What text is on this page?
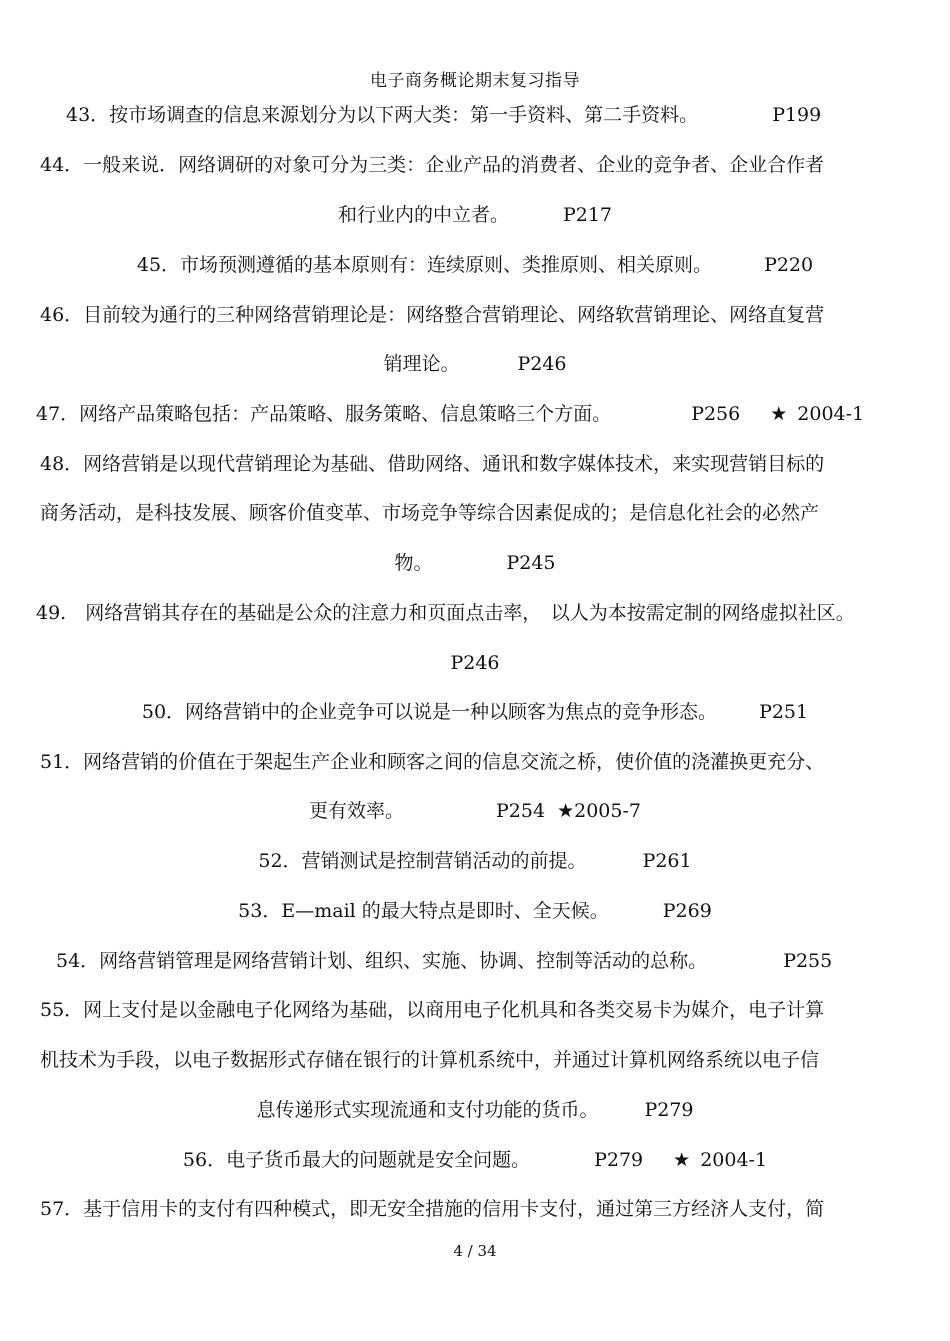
电子商务概论期末复习指导
43．按市场调查的信息来源划分为以下两大类：第一手资料、第二手资料。	P199
44．一般来说．网络调研的对象可分为三类：企业产品的消费者、企业的竞争者、企业合作者
和行业内的中立者。	P217
45．市场预测遵循的基本原则有：连续原则、类推原则、相关原则。	P220
46．目前较为通行的三种网络营销理论是：网络整合营销理论、网络软营销理论、网络直复营
销理论。	P246
47．网络产品策略包括：产品策略、服务策略、信息策略三个方面。	P256 ★ 2004-1
48．网络营销是以现代营销理论为基础、借助网络、通讯和数字媒体技术，来实现营销目标的
商务活动，是科技发展、顾客价值变革、市场竞争等综合因素促成的；是信息化社会的必然产
物。	P245
49.　网络营销其存在的基础是公众的注意力和页面点击率，　以人为本按需定制的网络虚拟社区。
P246
50．网络营销中的企业竞争可以说是一种以顾客为焦点的竞争形态。 P251
51．网络营销的价值在于架起生产企业和顾客之间的信息交流之桥，使价值的浇灌换更充分、
更有效率。	P254 ★2005-7
52．营销测试是控制营销活动的前提。	P261
53．E—mail 的最大特点是即时、全天候。	P269
54．网络营销管理是网络营销计划、组织、实施、协调、控制等活动的总称。	P255
55．网上支付是以金融电子化网络为基础，以商用电子化机具和各类交易卡为媒介，电子计算
机技术为手段，以电子数据形式存储在银行的计算机系统中，并通过计算机网络系统以电子信
息传递形式实现流通和支付功能的货币。 P279
56．电子货币最大的问题就是安全问题。	P279 ★ 2004-1
57．基于信用卡的支付有四种模式，即无安全措施的信用卡支付，通过第三方经济人支付，简
4 / 34
